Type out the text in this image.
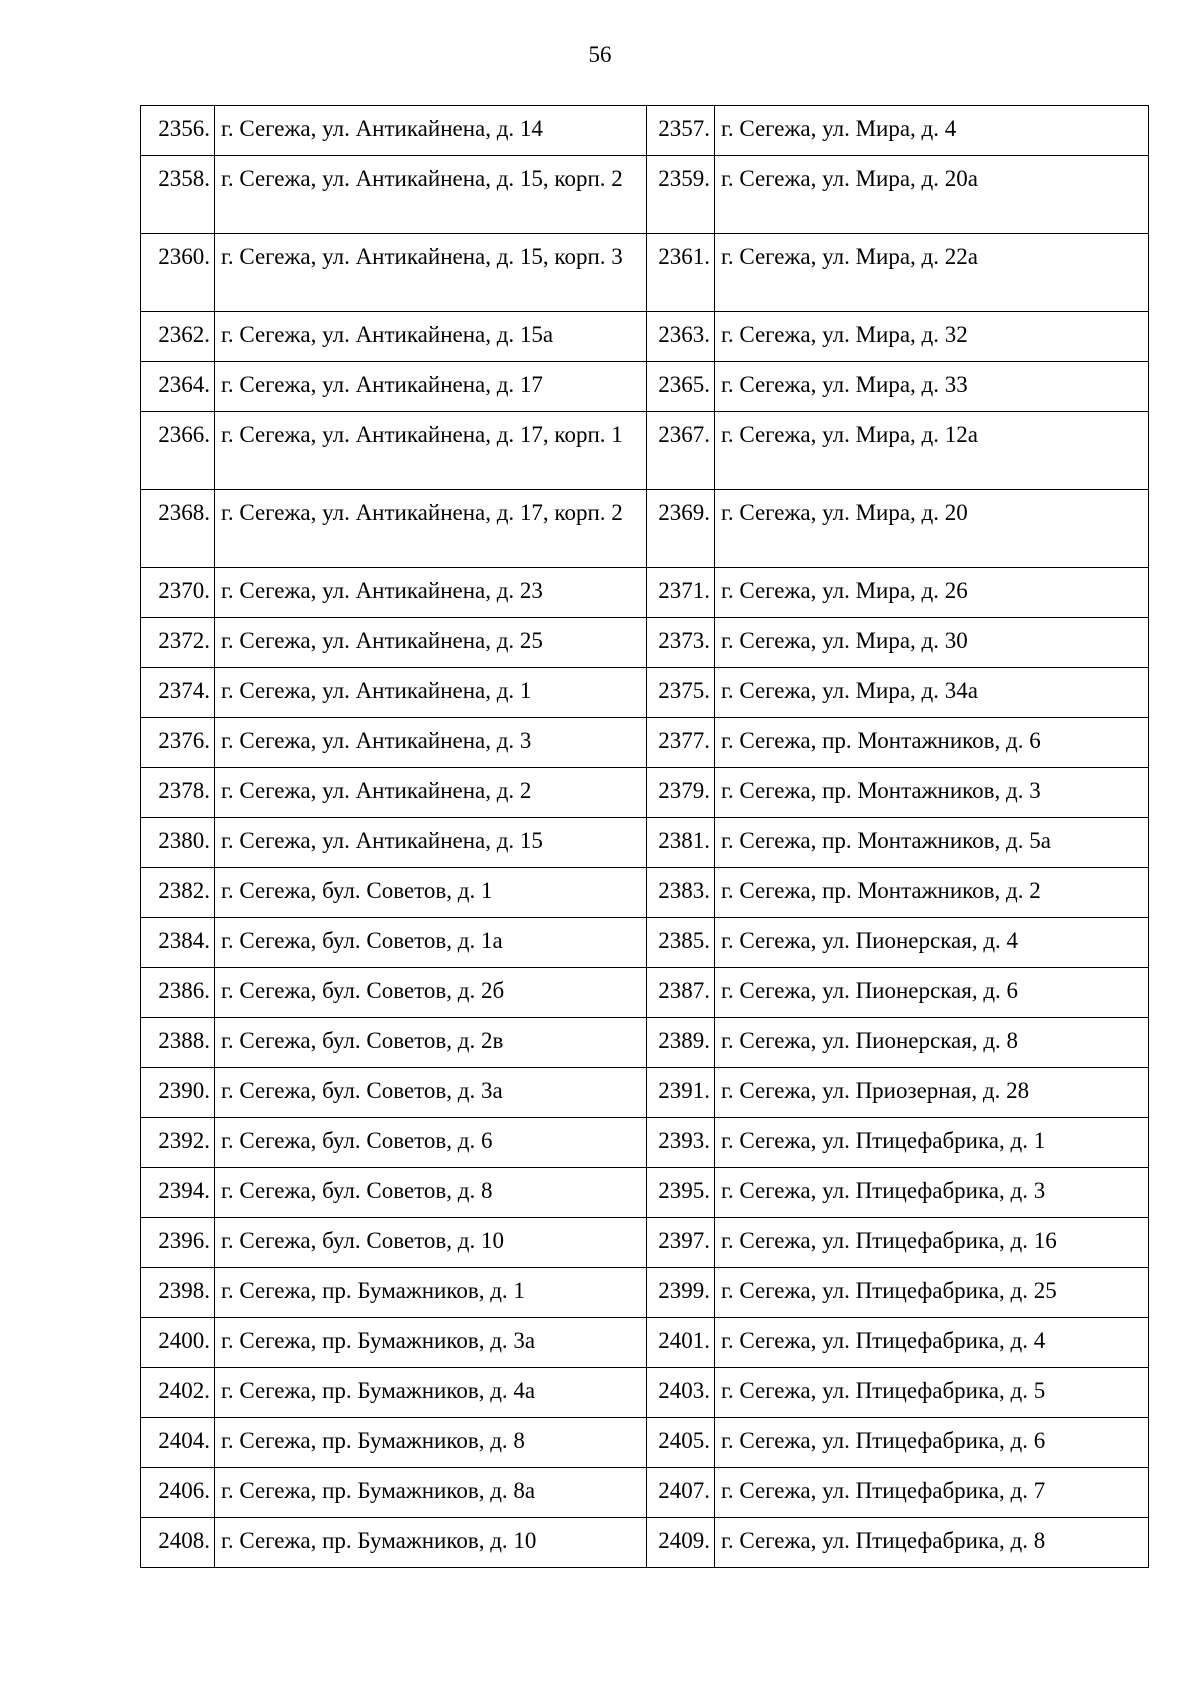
56
2356.	г. Сегежа, ул. Антикайнена, д. 14	2357.	г. Сегежа, ул. Мира, д. 4
2358.	г. Сегежа, ул. Антикайнена, д. 15, корп. 2	2359.	г. Сегежа, ул. Мира, д. 20а
2360.	г. Сегежа, ул. Антикайнена, д. 15, корп. 3	2361.	г. Сегежа, ул. Мира, д. 22а
2362.	г. Сегежа, ул. Антикайнена, д. 15а	2363.	г. Сегежа, ул. Мира, д. 32
2364.	г. Сегежа, ул. Антикайнена, д. 17	2365.	г. Сегежа, ул. Мира, д. 33
2366.	г. Сегежа, ул. Антикайнена, д. 17, корп. 1	2367.	г. Сегежа, ул. Мира, д. 12а
2368.	г. Сегежа, ул. Антикайнена, д. 17, корп. 2	2369.	г. Сегежа, ул. Мира, д. 20
2370.	г. Сегежа, ул. Антикайнена, д. 23	2371.	г. Сегежа, ул. Мира, д. 26
2372.	г. Сегежа, ул. Антикайнена, д. 25	2373.	г. Сегежа, ул. Мира, д. 30
2374.	г. Сегежа, ул. Антикайнена, д. 1	2375.	г. Сегежа, ул. Мира, д. 34а
2376.	г. Сегежа, ул. Антикайнена, д. 3	2377.	г. Сегежа, пр. Монтажников, д. 6
2378.	г. Сегежа, ул. Антикайнена, д. 2	2379.	г. Сегежа, пр. Монтажников, д. 3
2380.	г. Сегежа, ул. Антикайнена, д. 15	2381.	г. Сегежа, пр. Монтажников, д. 5а
2382.	г. Сегежа, бул. Советов, д. 1	2383.	г. Сегежа, пр. Монтажников, д. 2
2384.	г. Сегежа, бул. Советов, д. 1а	2385.	г. Сегежа, ул. Пионерская, д. 4
2386.	г. Сегежа, бул. Советов, д. 2б	2387.	г. Сегежа, ул. Пионерская, д. 6
2388.	г. Сегежа, бул. Советов, д. 2в	2389.	г. Сегежа, ул. Пионерская, д. 8
2390.	г. Сегежа, бул. Советов, д. 3а	2391.	г. Сегежа, ул. Приозерная, д. 28
2392.	г. Сегежа, бул. Советов, д. 6	2393.	г. Сегежа, ул. Птицефабрика, д. 1
2394.	г. Сегежа, бул. Советов, д. 8	2395.	г. Сегежа, ул. Птицефабрика, д. 3
2396.	г. Сегежа, бул. Советов, д. 10	2397.	г. Сегежа, ул. Птицефабрика, д. 16
2398.	г. Сегежа, пр. Бумажников, д. 1	2399.	г. Сегежа, ул. Птицефабрика, д. 25
2400.	г. Сегежа, пр. Бумажников, д. 3а	2401.	г. Сегежа, ул. Птицефабрика, д. 4
2402.	г. Сегежа, пр. Бумажников, д. 4а	2403.	г. Сегежа, ул. Птицефабрика, д. 5
2404.	г. Сегежа, пр. Бумажников, д. 8	2405.	г. Сегежа, ул. Птицефабрика, д. 6
2406.	г. Сегежа, пр. Бумажников, д. 8а	2407.	г. Сегежа, ул. Птицефабрика, д. 7
2408.	г. Сегежа, пр. Бумажников, д. 10	2409.	г. Сегежа, ул. Птицефабрика, д. 8
